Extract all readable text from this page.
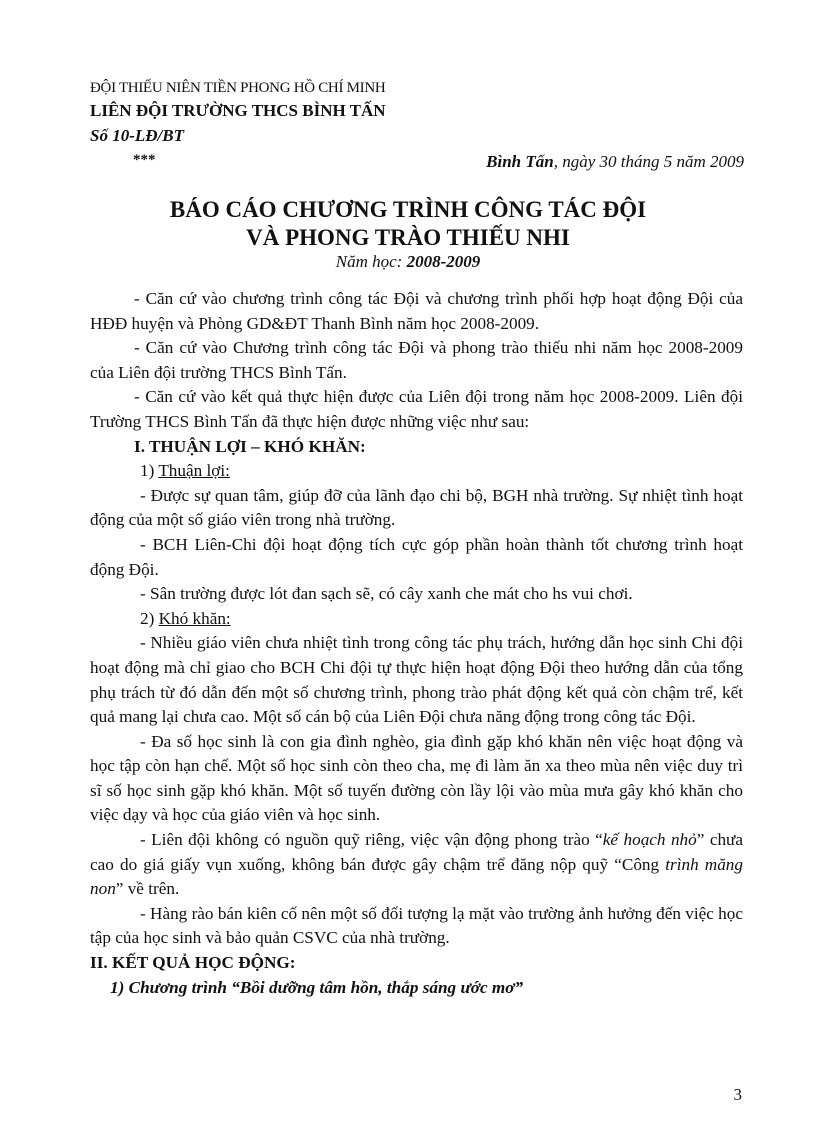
ĐỘI THIẾU NIÊN TIỀN PHONG HỒ CHÍ MINH
LIÊN ĐỘI TRƯỜNG THCS BÌNH TẤN
Số 10-LĐ/BT
***	Bình Tấn, ngày 30 tháng 5 năm 2009
BÁO CÁO CHƯƠNG TRÌNH CÔNG TÁC ĐỘI
VÀ PHONG TRÀO THIẾU NHI
Năm học: 2008-2009

- Căn cứ vào chương trình công tác Đội và chương trình phối hợp hoạt động Đội của HĐĐ huyện và Phòng GD&ĐT Thanh Bình năm học 2008-2009.

- Căn cứ vào Chương trình công tác Đội và phong trào thiếu nhi năm học 2008-2009 của Liên đội trường THCS Bình Tấn.

- Căn cứ vào kết quả thực hiện được của Liên đội trong năm học 2008-2009. Liên đội Trường THCS Bình Tấn đã thực hiện được những việc như sau:

I. THUẬN LỢI – KHÓ KHĂN:

1) Thuận lợi:

- Được sự quan tâm, giúp đỡ của lãnh đạo chi bộ, BGH nhà trường. Sự nhiệt tình hoạt động của một số giáo viên trong nhà trường.

- BCH Liên-Chi đội hoạt động tích cực góp phần hoàn thành tốt chương trình hoạt động Đội.

- Sân trường được lót đan sạch sẽ, có cây xanh che mát cho hs vui chơi.

2) Khó khăn:

- Nhiều giáo viên chưa nhiệt tình trong công tác phụ trách, hướng dẫn học sinh Chi đội hoạt động mà chỉ giao cho BCH Chi đội tự thực hiện hoạt động Đội theo hướng dẫn của tổng phụ trách từ đó dẫn đến một số chương trình, phong trào phát động kết quả còn chậm trể, kết quả mang lại chưa cao. Một số cán bộ của Liên Đội chưa năng động trong công tác Đội.

- Đa số học sinh là con gia đình nghèo, gia đình gặp khó khăn nên việc hoạt động và học tập còn hạn chế. Một số học sinh còn theo cha, mẹ đi làm ăn xa theo mùa nên việc duy trì sĩ số học sinh gặp khó khăn. Một số tuyến đường còn lầy lội vào mùa mưa gây khó khăn cho việc dạy và học của giáo viên và học sinh.

- Liên đội không có nguồn quỹ riêng, việc vận động phong trào “kế hoạch nhỏ” chưa cao do giá giấy vụn xuống, không bán được gây chậm trể đăng nộp quỹ “Công trình măng non” về trên.

- Hàng rào bán kiên cố nên một số đối tượng lạ mặt vào trường ảnh hưởng đến việc học tập của học sinh và bảo quản CSVC của nhà trường.

II. KẾT QUẢ HỌC ĐỘNG:

1) Chương trình “Bồi dưỡng tâm hồn, thắp sáng ước mơ”

3
